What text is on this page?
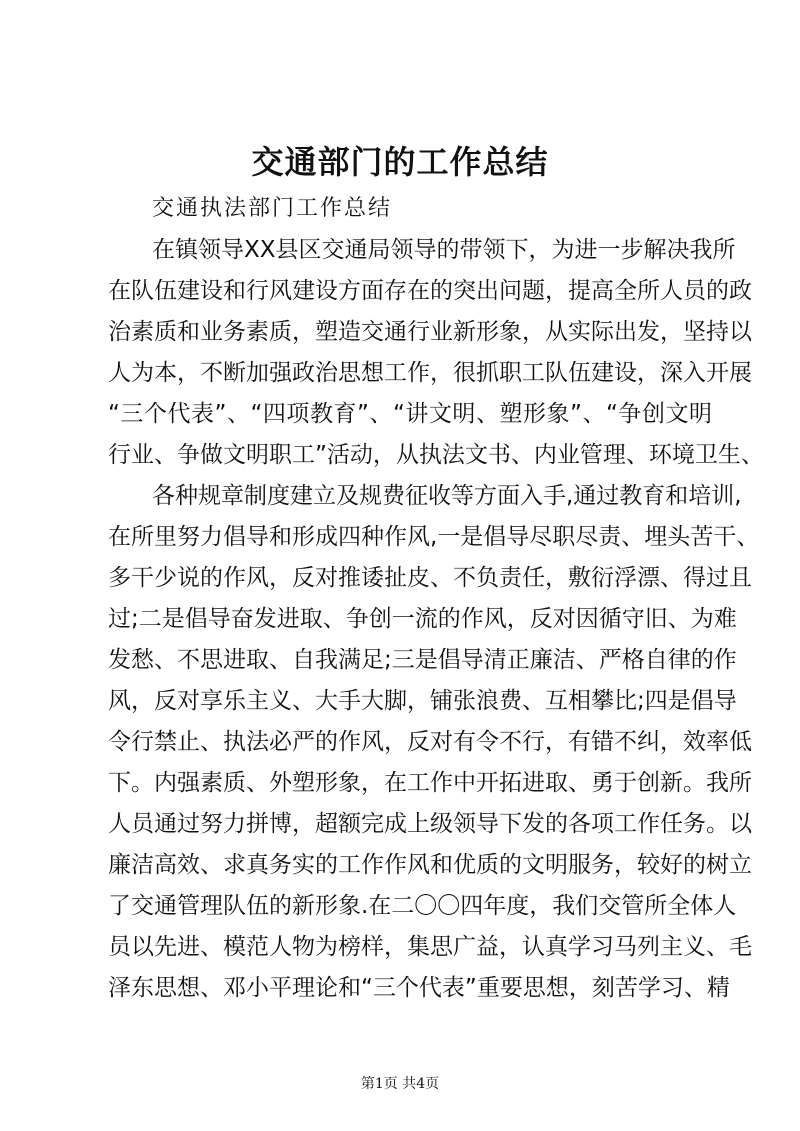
交通部门的工作总结
交通执法部门工作总结
在镇领导XX县区交通局领导的带领下，为进一步解决我所
在队伍建设和行风建设方面存在的突出问题，提高全所人员的政
治素质和业务素质，塑造交通行业新形象，从实际出发，坚持以
人为本，不断加强政治思想工作，很抓职工队伍建设，深入开展
“三个代表”、“四项教育”、“讲文明、塑形象”、“争创文明
行业、争做文明职工”活动，从执法文书、内业管理、环境卫生、
各种规章制度建立及规费征收等方面入手,通过教育和培训,
在所里努力倡导和形成四种作风,一是倡导尽职尽责、埋头苦干、
多干少说的作风，反对推诿扯皮、不负责任，敷衍浮漂、得过且
过;二是倡导奋发进取、争创一流的作风，反对因循守旧、为难
发愁、不思进取、自我满足;三是倡导清正廉洁、严格自律的作
风，反对享乐主义、大手大脚，铺张浪费、互相攀比;四是倡导
令行禁止、执法必严的作风，反对有令不行，有错不纠，效率低
下。内强素质、外塑形象，在工作中开拓进取、勇于创新。我所
人员通过努力拼博，超额完成上级领导下发的各项工作任务。以
廉洁高效、求真务实的工作作风和优质的文明服务，较好的树立
了交通管理队伍的新形象.在二〇〇四年度，我们交管所全体人
员以先进、模范人物为榜样，集思广益，认真学习马列主义、毛
泽东思想、邓小平理论和“三个代表”重要思想，刻苦学习、精
第1页 共4页
